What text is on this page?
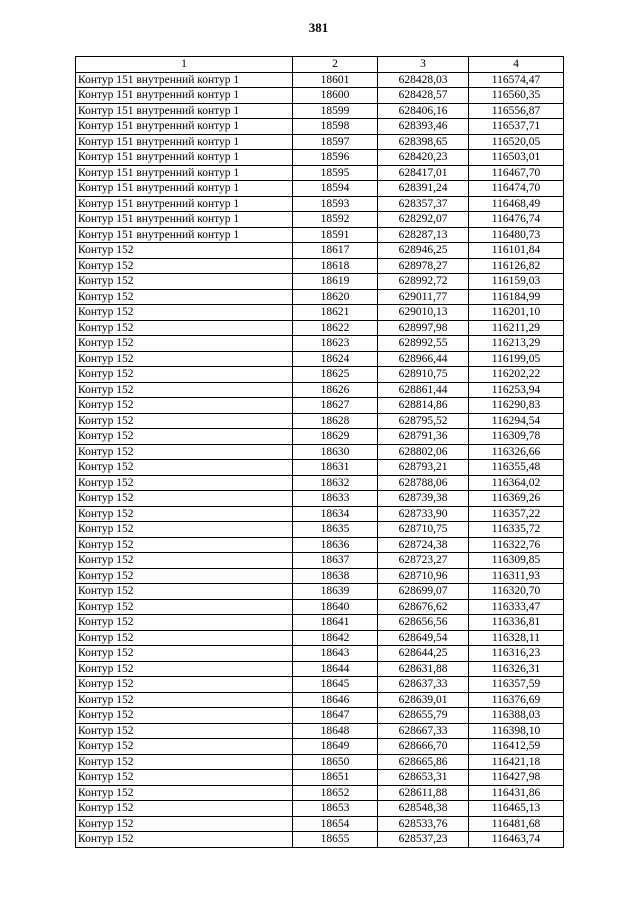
381
1	2	3	4
Контур 151 внутренний контур 1	18601	628428,03	116574,47
Контур 151 внутренний контур 1	18600	628428,57	116560,35
Контур 151 внутренний контур 1	18599	628406,16	116556,87
Контур 151 внутренний контур 1	18598	628393,46	116537,71
Контур 151 внутренний контур 1	18597	628398,65	116520,05
Контур 151 внутренний контур 1	18596	628420,23	116503,01
Контур 151 внутренний контур 1	18595	628417,01	116467,70
Контур 151 внутренний контур 1	18594	628391,24	116474,70
Контур 151 внутренний контур 1	18593	628357,37	116468,49
Контур 151 внутренний контур 1	18592	628292,07	116476,74
Контур 151 внутренний контур 1	18591	628287,13	116480,73
Контур 152	18617	628946,25	116101,84
Контур 152	18618	628978,27	116126,82
Контур 152	18619	628992,72	116159,03
Контур 152	18620	629011,77	116184,99
Контур 152	18621	629010,13	116201,10
Контур 152	18622	628997,98	116211,29
Контур 152	18623	628992,55	116213,29
Контур 152	18624	628966,44	116199,05
Контур 152	18625	628910,75	116202,22
Контур 152	18626	628861,44	116253,94
Контур 152	18627	628814,86	116290,83
Контур 152	18628	628795,52	116294,54
Контур 152	18629	628791,36	116309,78
Контур 152	18630	628802,06	116326,66
Контур 152	18631	628793,21	116355,48
Контур 152	18632	628788,06	116364,02
Контур 152	18633	628739,38	116369,26
Контур 152	18634	628733,90	116357,22
Контур 152	18635	628710,75	116335,72
Контур 152	18636	628724,38	116322,76
Контур 152	18637	628723,27	116309,85
Контур 152	18638	628710,96	116311,93
Контур 152	18639	628699,07	116320,70
Контур 152	18640	628676,62	116333,47
Контур 152	18641	628656,56	116336,81
Контур 152	18642	628649,54	116328,11
Контур 152	18643	628644,25	116316,23
Контур 152	18644	628631,88	116326,31
Контур 152	18645	628637,33	116357,59
Контур 152	18646	628639,01	116376,69
Контур 152	18647	628655,79	116388,03
Контур 152	18648	628667,33	116398,10
Контур 152	18649	628666,70	116412,59
Контур 152	18650	628665,86	116421,18
Контур 152	18651	628653,31	116427,98
Контур 152	18652	628611,88	116431,86
Контур 152	18653	628548,38	116465,13
Контур 152	18654	628533,76	116481,68
Контур 152	18655	628537,23	116463,74
